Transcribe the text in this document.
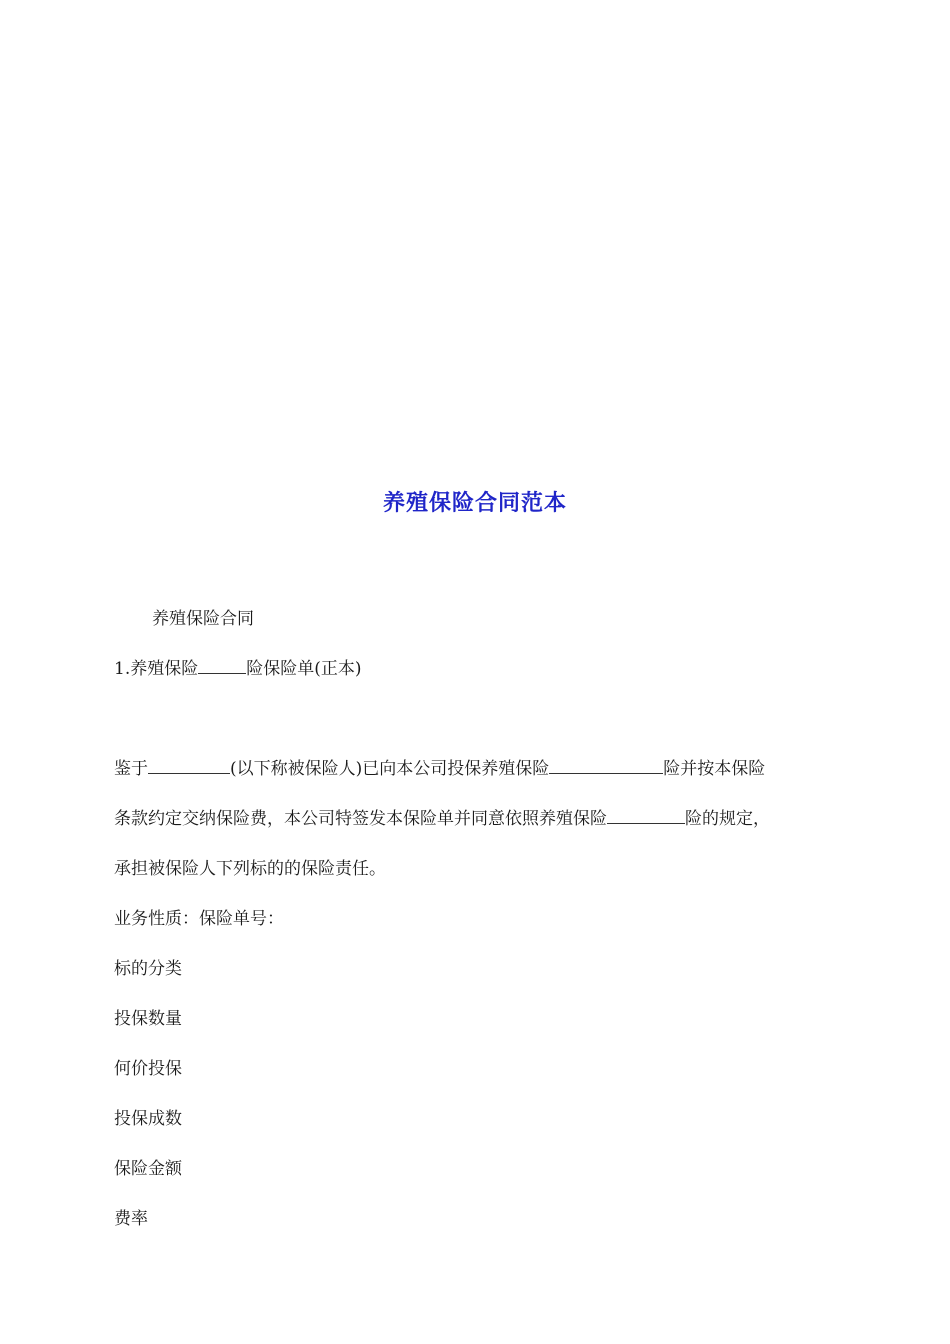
养殖保险合同范本
养殖保险合同
1.养殖保险	险保险单(正本)
鉴于	(以下称被保险人)已向本公司投保养殖保险	险并按本保险
条款约定交纳保险费，本公司特签发本保险单并同意依照养殖保险	险的规定，
承担被保险人下列标的的保险责任。
业务性质：保险单号：
标的分类
投保数量
何价投保
投保成数
保险金额
费率
